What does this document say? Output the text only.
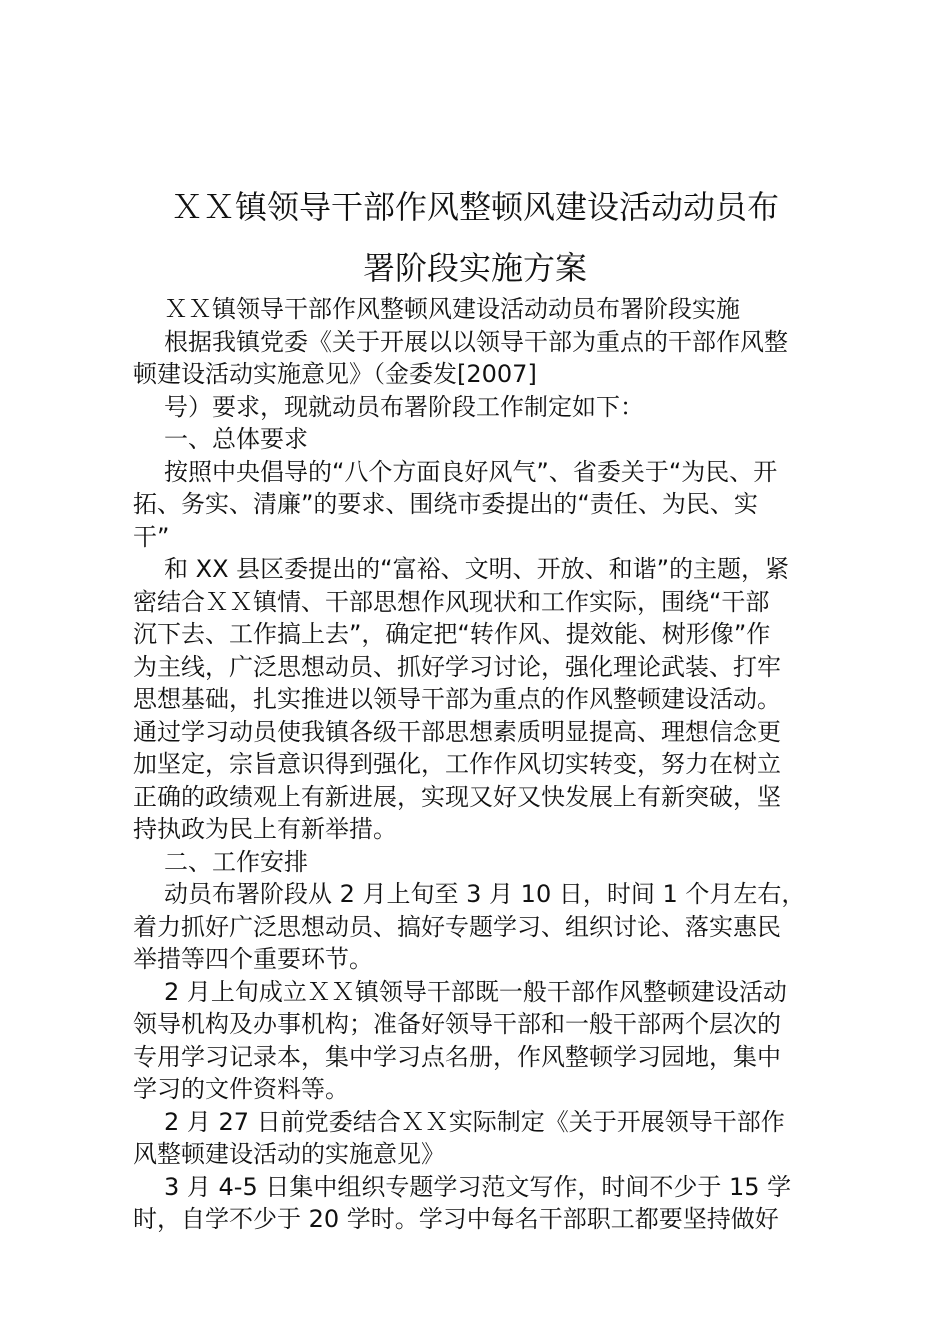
ＸＸ镇领导干部作风整顿风建设活动动员布
署阶段实施方案
ＸＸ镇领导干部作风整顿风建设活动动员布署阶段实施
根据我镇党委《关于开展以以领导干部为重点的干部作风整
顿建设活动实施意见》（金委发[2007]
号）要求，现就动员布署阶段工作制定如下：
一、总体要求
按照中央倡导的“八个方面良好风气”、省委关于“为民、开
拓、务实、清廉”的要求、围绕市委提出的“责任、为民、实
干”
和 XX 县区委提出的“富裕、文明、开放、和谐”的主题，紧
密结合ＸＸ镇情、干部思想作风现状和工作实际，围绕“干部
沉下去、工作搞上去”，确定把“转作风、提效能、树形像”作
为主线，广泛思想动员、抓好学习讨论，强化理论武装、打牢
思想基础，扎实推进以领导干部为重点的作风整顿建设活动。
通过学习动员使我镇各级干部思想素质明显提高、理想信念更
加坚定，宗旨意识得到强化，工作作风切实转变，努力在树立
正确的政绩观上有新进展，实现又好又快发展上有新突破，坚
持执政为民上有新举措。
二、工作安排
动员布署阶段从 2 月上旬至 3 月 10 日，时间 1 个月左右，
着力抓好广泛思想动员、搞好专题学习、组织讨论、落实惠民
举措等四个重要环节。
2 月上旬成立ＸＸ镇领导干部既一般干部作风整顿建设活动
领导机构及办事机构；准备好领导干部和一般干部两个层次的
专用学习记录本，集中学习点名册，作风整顿学习园地，集中
学习的文件资料等。
2 月 27 日前党委结合ＸＸ实际制定《关于开展领导干部作
风整顿建设活动的实施意见》
3 月 4-5 日集中组织专题学习范文写作，时间不少于 15 学
时，自学不少于 20 学时。学习中每名干部职工都要坚持做好
